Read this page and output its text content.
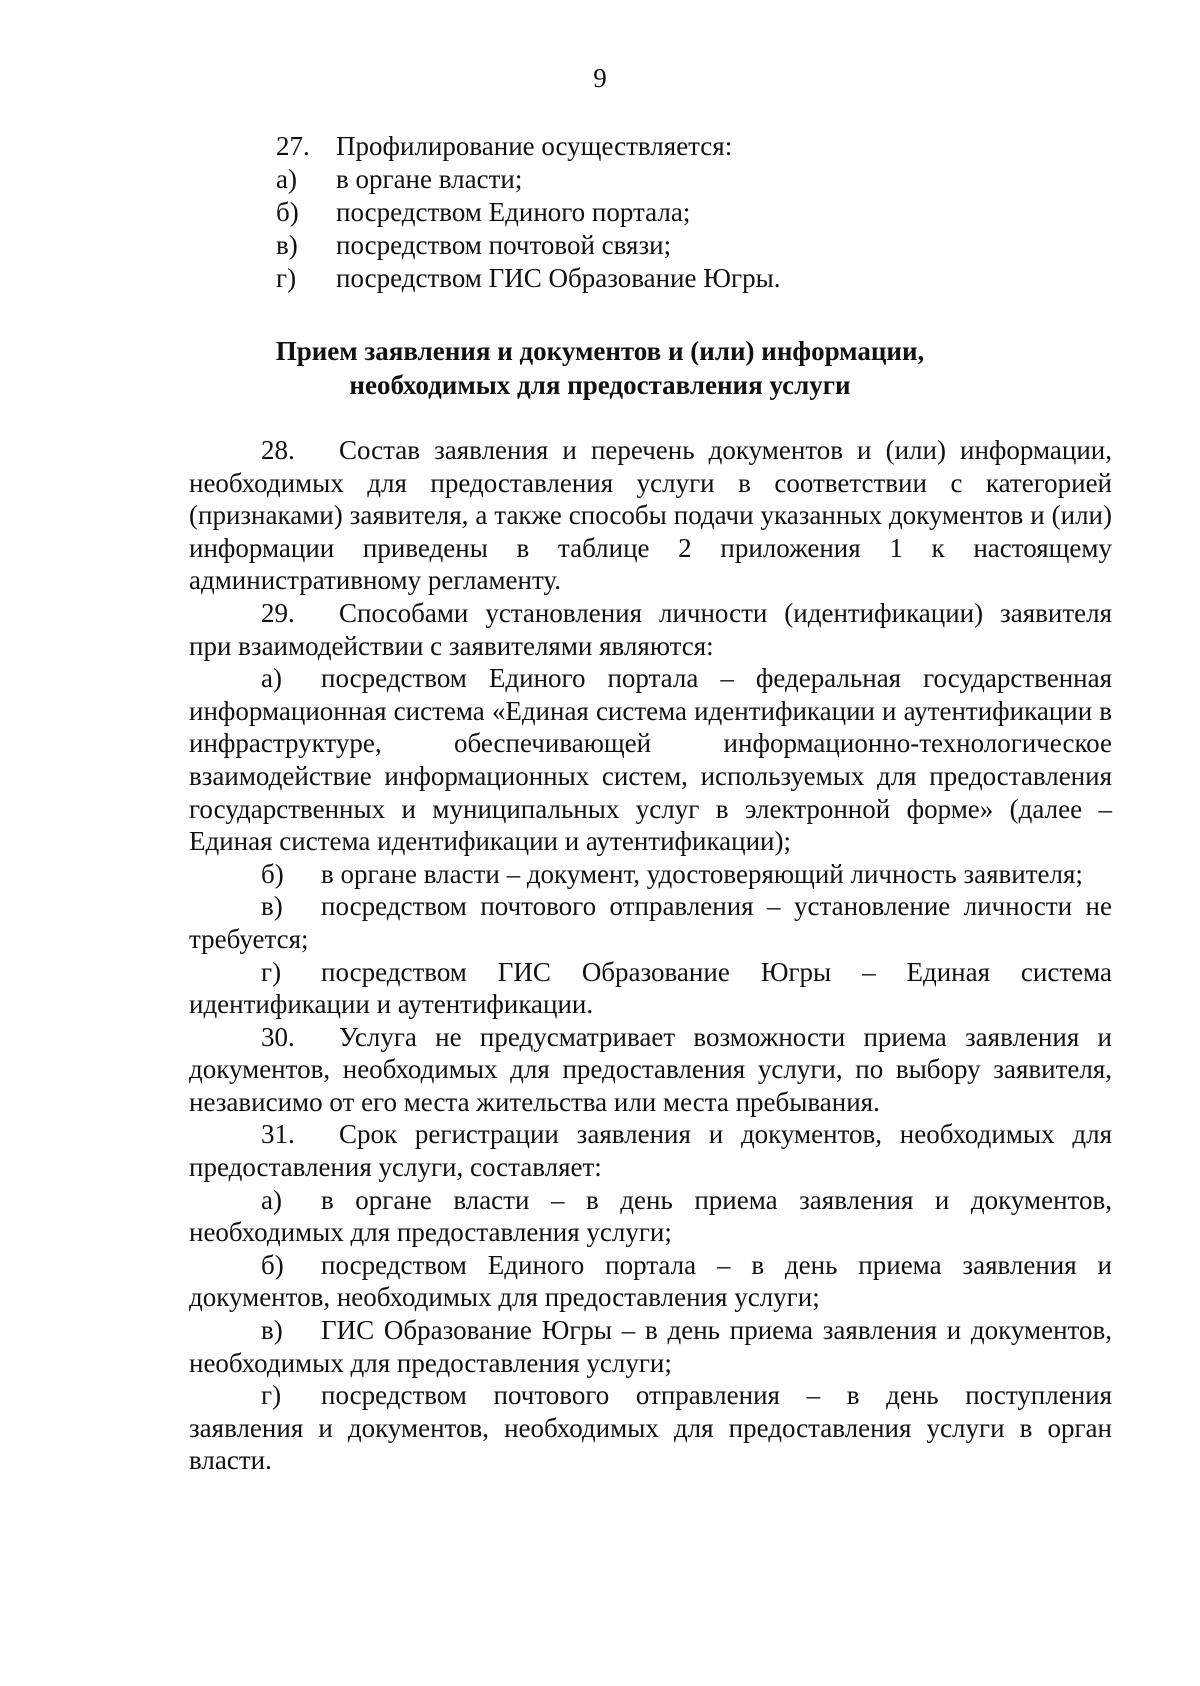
9
27. Профилирование осуществляется:
а)	в органе власти;
б)	посредством Единого портала;
в)	посредством почтовой связи;
г)	посредством ГИС Образование Югры.
Прием заявления и документов и (или) информации,
необходимых для предоставления услуги

28. Состав заявления и перечень документов и (или) информации, необходимых для предоставления услуги в соответствии с категорией (признаками) заявителя, а также способы подачи указанных документов и (или) информации приведены в таблице 2 приложения 1 к настоящему административному регламенту.

29. Способами установления личности (идентификации) заявителя при взаимодействии с заявителями являются:

а) посредством Единого портала – федеральная государственная информационная система «Единая система идентификации и аутентификации в инфраструктуре, обеспечивающей информационно-технологическое взаимодействие информационных систем, используемых для предоставления государственных и муниципальных услуг в электронной форме» (далее – Единая система идентификации и аутентификации);

б) в органе власти – документ, удостоверяющий личность заявителя;

в) посредством почтового отправления – установление личности не требуется;

г) посредством ГИС Образование Югры – Единая система идентификации и аутентификации.

30. Услуга не предусматривает возможности приема заявления и документов, необходимых для предоставления услуги, по выбору заявителя, независимо от его места жительства или места пребывания.

31. Срок регистрации заявления и документов, необходимых для предоставления услуги, составляет:

а) в органе власти – в день приема заявления и документов, необходимых для предоставления услуги;

б) посредством Единого портала – в день приема заявления и документов, необходимых для предоставления услуги;

в) ГИС Образование Югры – в день приема заявления и документов, необходимых для предоставления услуги;

г) посредством почтового отправления – в день поступления заявления и документов, необходимых для предоставления услуги в орган власти.
